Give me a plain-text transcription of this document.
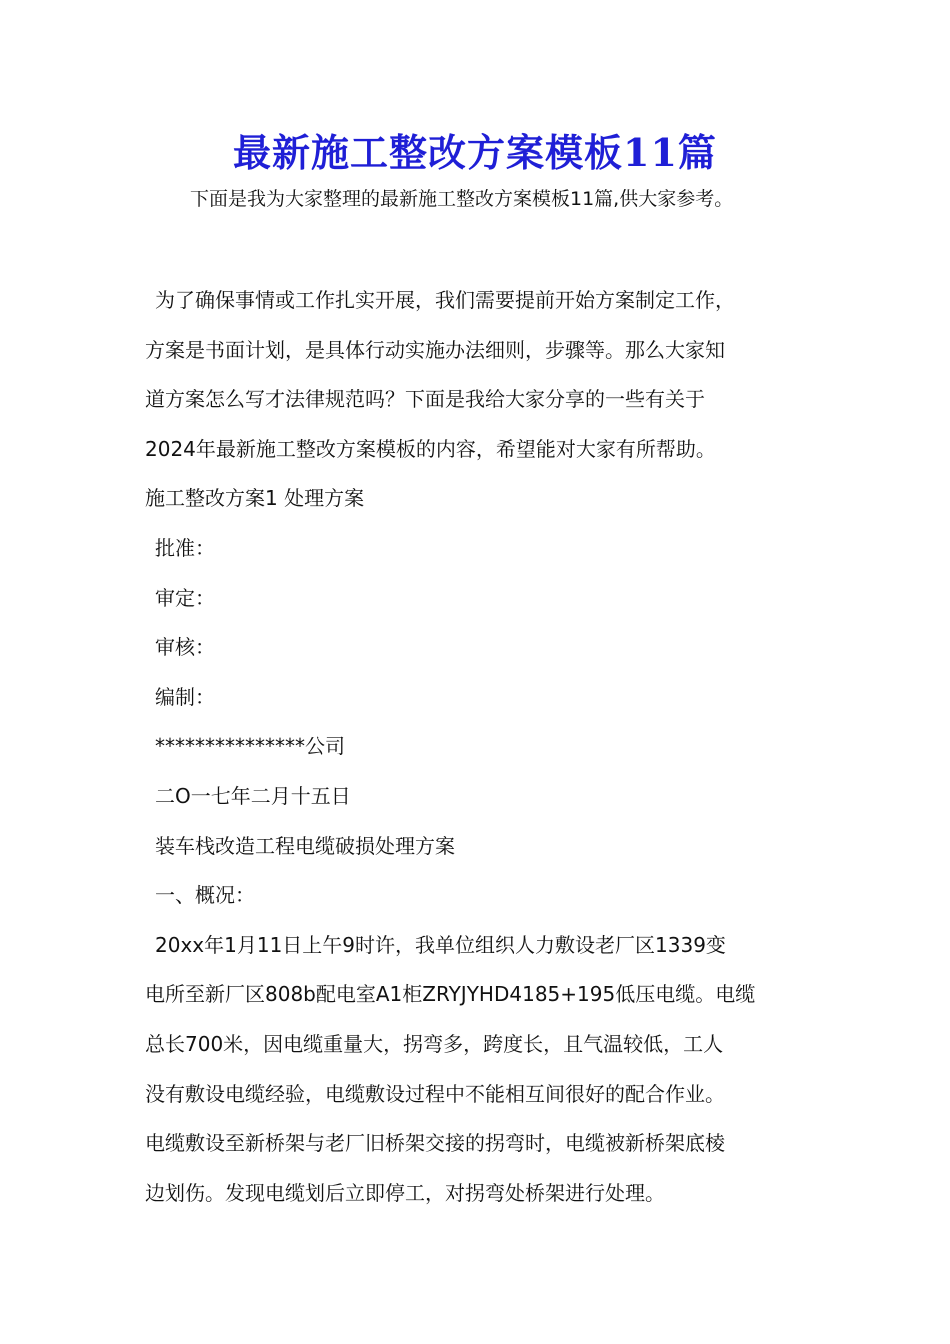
最新施工整改方案模板11篇
下面是我为大家整理的最新施工整改方案模板11篇,供大家参考。
为了确保事情或工作扎实开展，我们需要提前开始方案制定工作，
方案是书面计划，是具体行动实施办法细则，步骤等。那么大家知
道方案怎么写才法律规范吗？下面是我给大家分享的一些有关于
2024年最新施工整改方案模板的内容，希望能对大家有所帮助。
施工整改方案1 处理方案
批准：
审定：
审核：
编制：
***************公司
二O一七年二月十五日
装车栈改造工程电缆破损处理方案
一、概况：
20xx年1月11日上午9时许，我单位组织人力敷设老厂区1339变
电所至新厂区808b配电室A1柜ZRYJYHD4185+195低压电缆。电缆
总长700米，因电缆重量大，拐弯多，跨度长，且气温较低，工人
没有敷设电缆经验，电缆敷设过程中不能相互间很好的配合作业。
电缆敷设至新桥架与老厂旧桥架交接的拐弯时，电缆被新桥架底棱
边划伤。发现电缆划后立即停工，对拐弯处桥架进行处理。
